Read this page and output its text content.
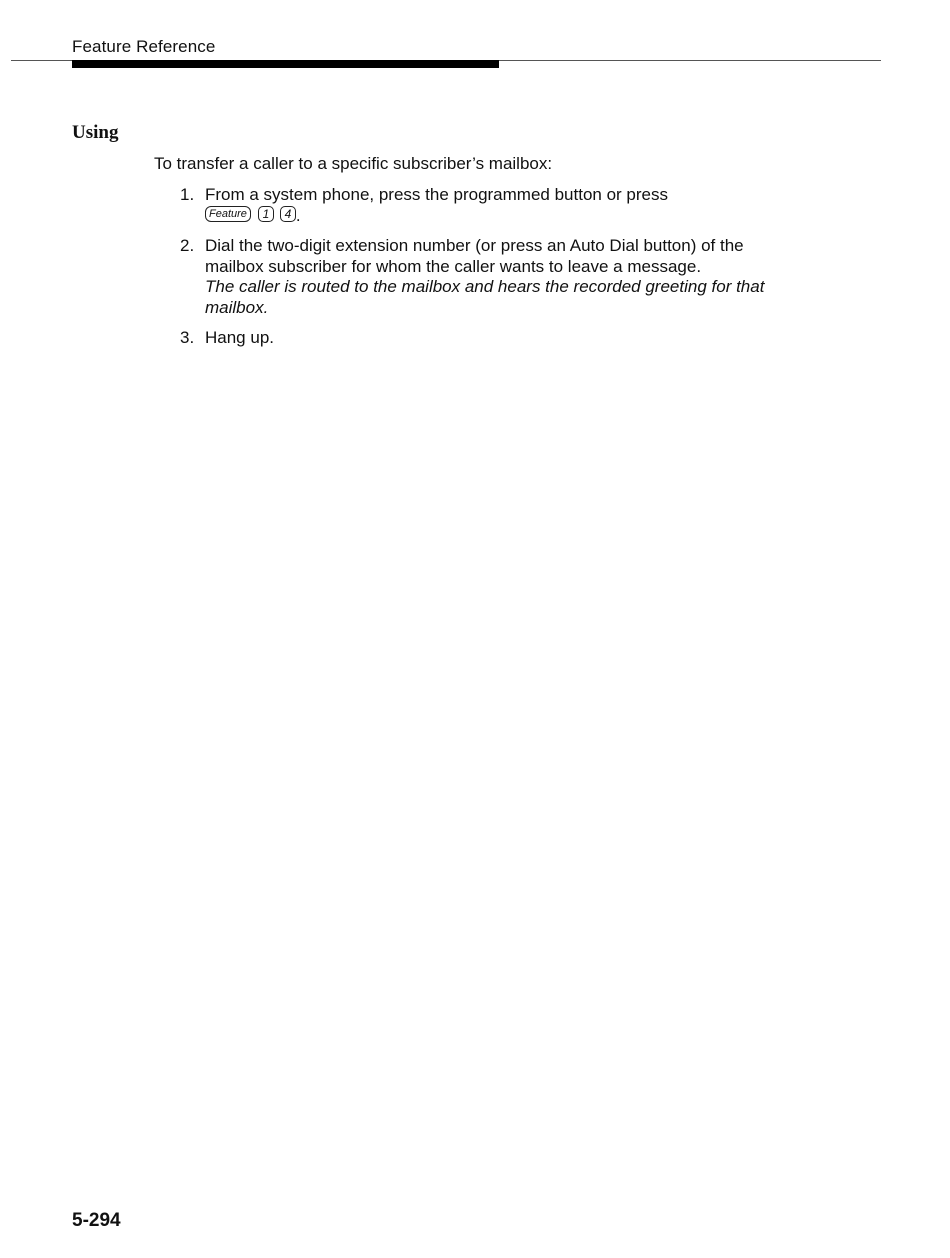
Feature Reference
Using
To transfer a caller to a specific subscriber’s mailbox:
1. From a system phone, press the programmed button or press
Feature 1 4 .
2. Dial the two-digit extension number (or press an Auto Dial button) of the mailbox subscriber for whom the caller wants to leave a message.
The caller is routed to the mailbox and hears the recorded greeting for that mailbox.
3. Hang up.
5-294
